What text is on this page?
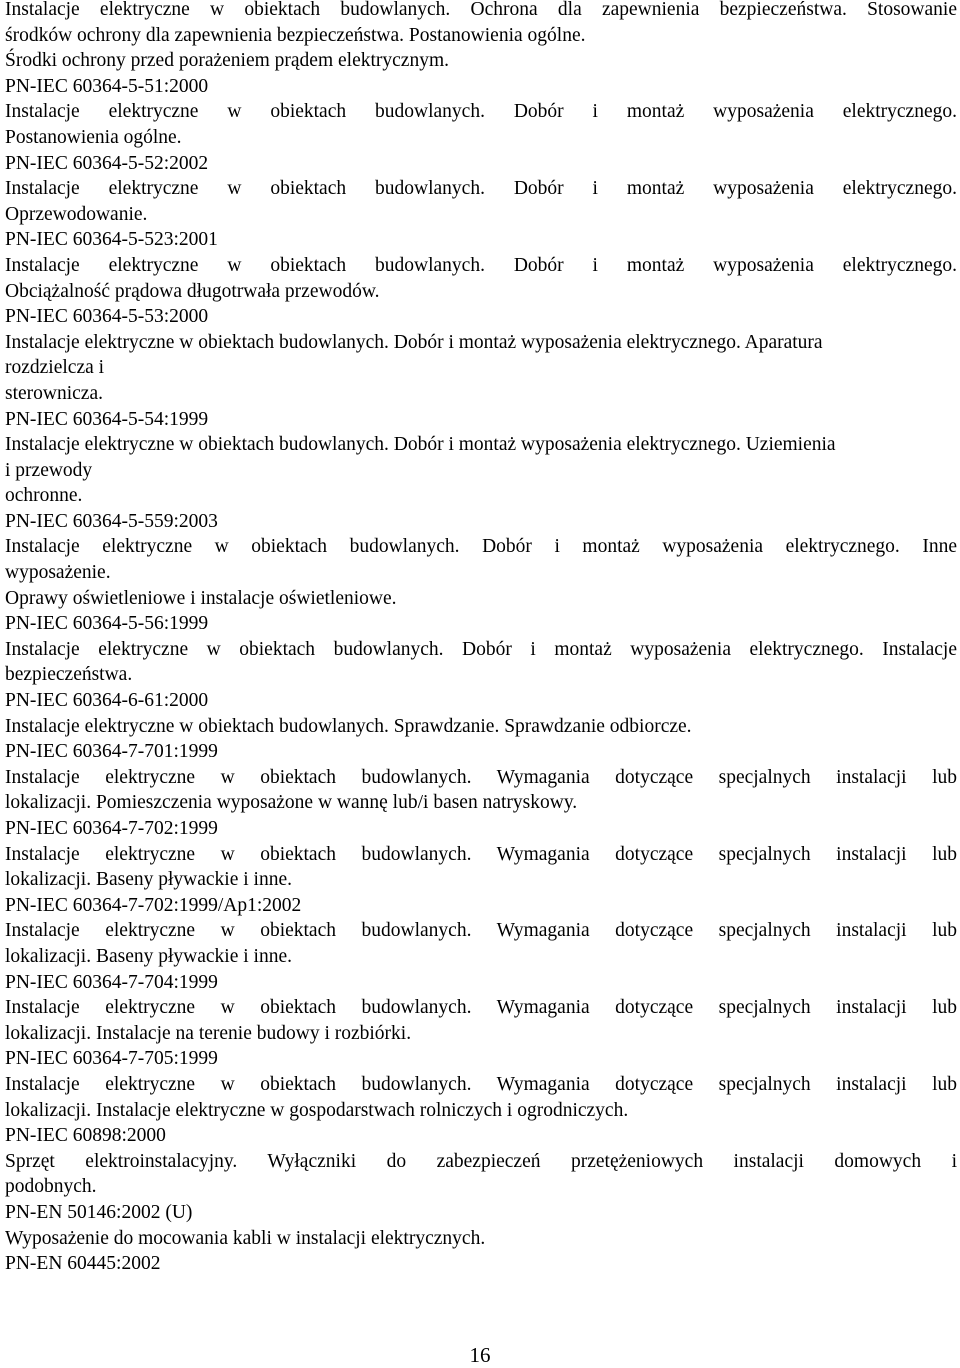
Instalacje elektryczne w obiektach budowlanych. Ochrona dla zapewnienia bezpieczeństwa. Stosowanie

środków ochrony dla zapewnienia bezpieczeństwa. Postanowienia ogólne.

Środki ochrony przed porażeniem prądem elektrycznym.

PN-IEC 60364-5-51:2000

Instalacje elektryczne w obiektach budowlanych. Dobór i montaż wyposażenia elektrycznego.

Postanowienia ogólne.

PN-IEC 60364-5-52:2002

Instalacje elektryczne w obiektach budowlanych. Dobór i montaż wyposażenia elektrycznego.

Oprzewodowanie.

PN-IEC 60364-5-523:2001

Instalacje elektryczne w obiektach budowlanych. Dobór i montaż wyposażenia elektrycznego.

Obciążalność prądowa długotrwała przewodów.

PN-IEC 60364-5-53:2000

Instalacje elektryczne w obiektach budowlanych. Dobór i montaż wyposażenia elektrycznego. Aparatura

rozdzielcza i

sterownicza.

PN-IEC 60364-5-54:1999

Instalacje elektryczne w obiektach budowlanych. Dobór i montaż wyposażenia elektrycznego. Uziemienia

i przewody

ochronne.

PN-IEC 60364-5-559:2003

Instalacje elektryczne w obiektach budowlanych. Dobór i montaż wyposażenia elektrycznego. Inne

wyposażenie.

Oprawy oświetleniowe i instalacje oświetleniowe.

PN-IEC 60364-5-56:1999

Instalacje elektryczne w obiektach budowlanych. Dobór i montaż wyposażenia elektrycznego. Instalacje

bezpieczeństwa.

PN-IEC 60364-6-61:2000

Instalacje elektryczne w obiektach budowlanych. Sprawdzanie. Sprawdzanie odbiorcze.

PN-IEC 60364-7-701:1999

Instalacje elektryczne w obiektach budowlanych. Wymagania dotyczące specjalnych instalacji lub

lokalizacji. Pomieszczenia wyposażone w wannę lub/i basen natryskowy.

PN-IEC 60364-7-702:1999

Instalacje elektryczne w obiektach budowlanych. Wymagania dotyczące specjalnych instalacji lub

lokalizacji. Baseny pływackie i inne.

PN-IEC 60364-7-702:1999/Ap1:2002

Instalacje elektryczne w obiektach budowlanych. Wymagania dotyczące specjalnych instalacji lub

lokalizacji. Baseny pływackie i inne.

PN-IEC 60364-7-704:1999

Instalacje elektryczne w obiektach budowlanych. Wymagania dotyczące specjalnych instalacji lub

lokalizacji. Instalacje na terenie budowy i rozbiórki.

PN-IEC 60364-7-705:1999

Instalacje elektryczne w obiektach budowlanych. Wymagania dotyczące specjalnych instalacji lub

lokalizacji. Instalacje elektryczne w gospodarstwach rolniczych i ogrodniczych.

PN-IEC 60898:2000

Sprzęt elektroinstalacyjny. Wyłączniki do zabezpieczeń przetężeniowych instalacji domowych i

podobnych.

PN-EN 50146:2002 (U)

Wyposażenie do mocowania kabli w instalacji elektrycznych.

PN-EN 60445:2002

16
